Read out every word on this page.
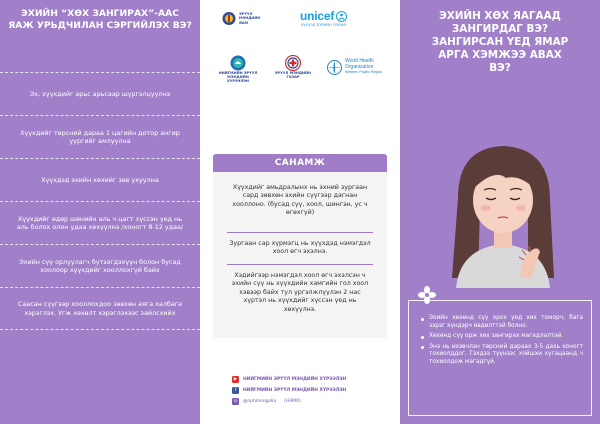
ЭХИЙН “ХӨХ ЗАНГИРАХ”-ААС ЯАЖ УРЬДЧИЛАН СЭРГИЙЛЭХ ВЭ?
Эх, хүүхдийг арьс арьсаар шүргэлцүүлнэ
Хүүхдийг төрсний дараа 1 цагийн дотор ангир уургийг амлуулна
Хүүхдэд эхийн хөхийг зөв ухуулна
Хүүхдийг өдөр шөнийн аль ч цагт хүссэн үед нь аль болох олон удаа хөхүүлнэ /хоногт 8-12 удаа/
Эхийн сүү орлуулагч бүтээгдэхүүн болон бусад хоолоор хүүхдийг хооллохгүй байх
Саасан сүүгээр хооллохдоо зөвхөн аяга халбага хэрэглэх. Угж хөхөлт хэрэглэхээс зайлсхийх
ЭРҮҮЛ МЭНДИЙН ЯАМ	unicef
ХҮҮХЭД БҮРИЙН ТӨЛӨӨ
НИЙГМИЙН ЭРҮҮЛ МЭНДИЙН ХҮРЭЭЛЭН
ЭРҮҮЛ МЭНДИЙН ГАЗАР
World Health
Organization
Western Pacific Region
САНАМЖ
Хүүхдийг амьдралынх нь эхний зургаан сард зөвхөн эхийн сүүгээр дагнан хооллоно. (бусад сүү, хоол, шингэн, ус ч өгөхгүй)
Зургаан сар хүрмэгц нь хүүхдэд нэмэгдэл хоол өгч эхэлнэ.
Хэдийгээр нэмэгдэл хоол өгч эхэлсэн ч эхийн сүү нь хүүхдийн хамгийн гол хоол хэвээр байх тул үргэлжлүүлэн 2 нас хүртэл нь хүүхдийг хүссэн үед нь хөхүүлнэ.
▶	НИЙГМИЙН ЭРҮҮЛ МЭНДИЙН ХҮРЭЭЛЭН
f	НИЙГМИЙН ЭРҮҮЛ МЭНДИЙН ХҮРЭЭЛЭН
◎	@nphmongolia (НЭМХ)
ЭХИЙН ХӨХ ЯАГААД ЗАНГИРДАГ ВЭ?
ЗАНГИРСАН ҮЕД ЯМАР АРГА ХЭМЖЭЭ АВАХ ВЭ?
Эхийн хөхөнд сүү орох үед хөх томорч, бага зэрэг хүндэрч өвдөлттэй болно.
Хөхөнд сүү орж хөх зангирах магадлалтай.
Энэ нь ихэвчлэн төрсний дараах 3-5 дахь хоногт тохиолддог. Гэхдээ түүнээс хойшхи хугацаанд ч тохиолдож магадгүй.
